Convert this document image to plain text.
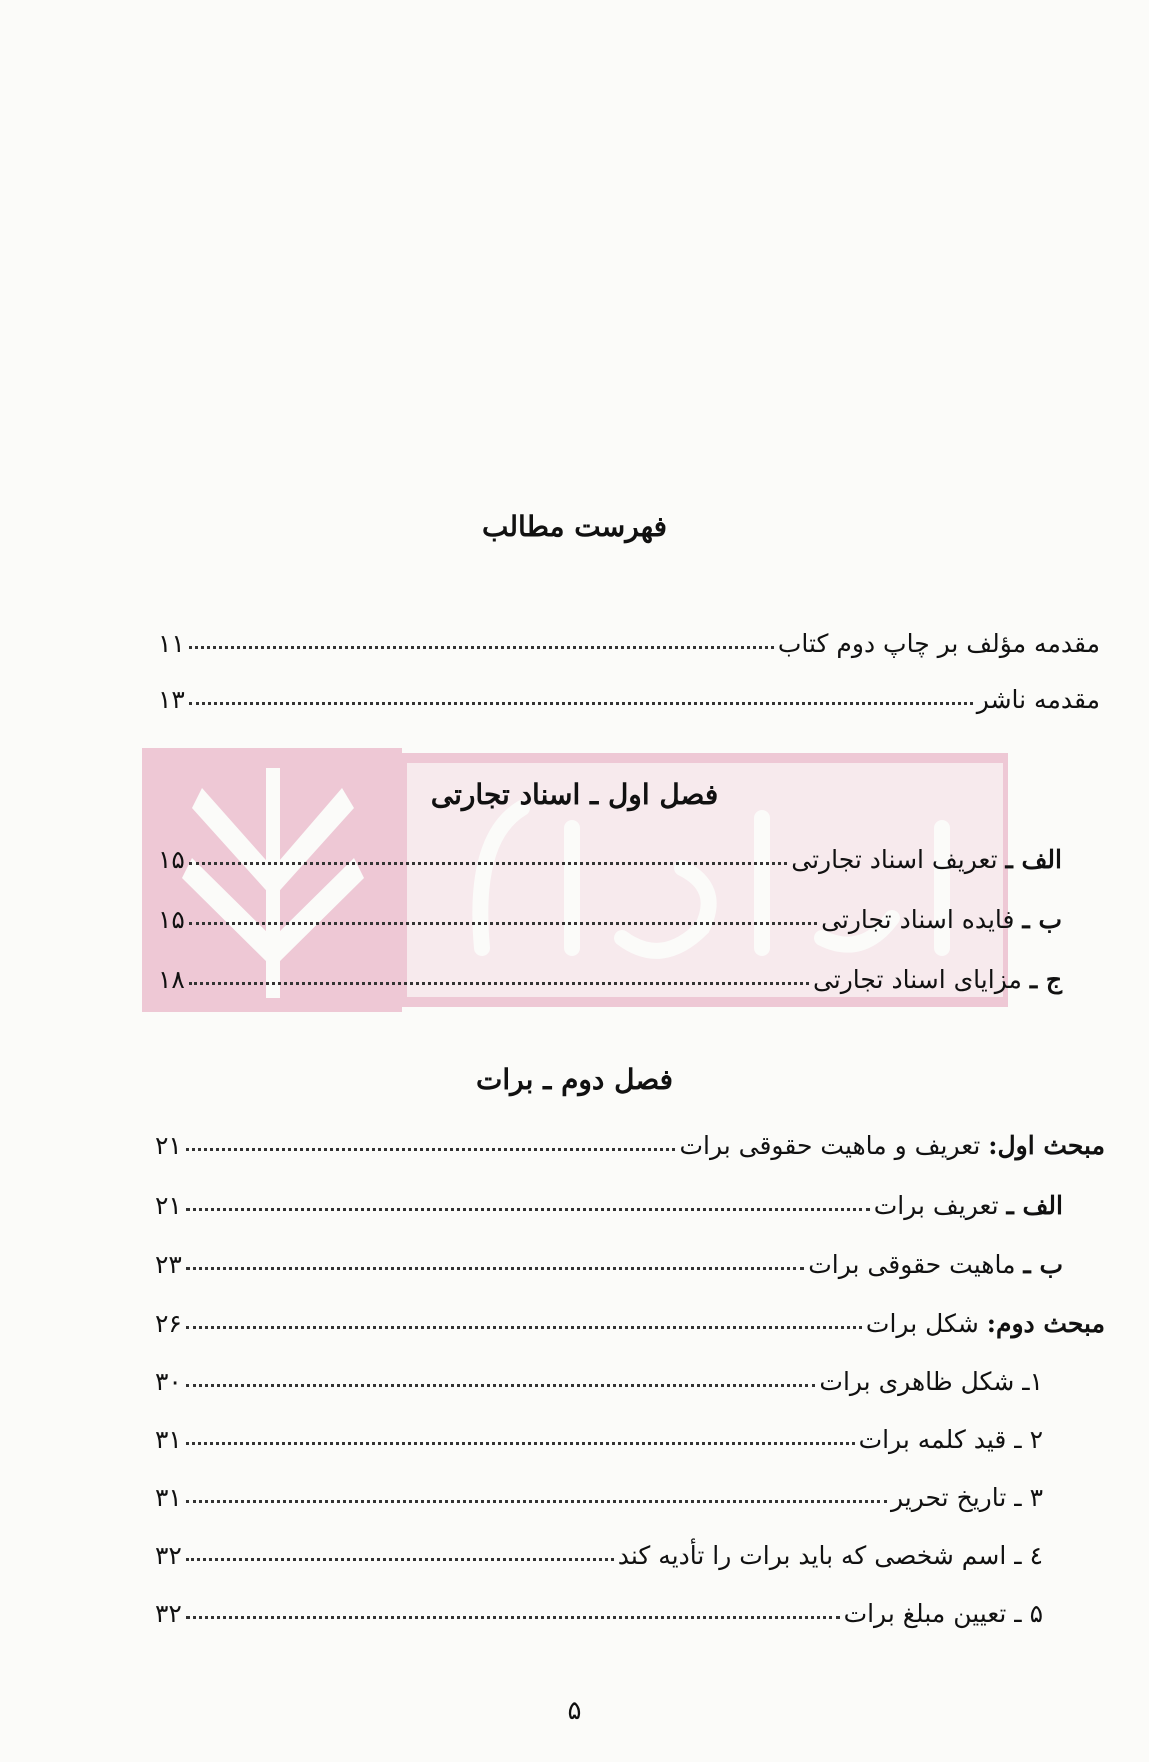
فهرست مطالب
مقدمه مؤلف بر چاپ دوم کتاب
۱۱
مقدمه ناشر
۱۳
فصل اول ـ اسناد تجارتی
الف ـ تعریف اسناد تجارتی
۱۵
ب ـ فایده اسناد تجارتی
۱۵
ج ـ مزایای اسناد تجارتی
۱۸
فصل دوم ـ برات
مبحث اول: تعریف و ماهیت حقوقی برات
۲۱
الف ـ تعریف برات
۲۱
ب ـ ماهیت حقوقی برات
۲۳
مبحث دوم: شکل برات
۲۶
۱ـ شکل ظاهری برات
۳۰
۲ ـ قید کلمه برات
۳۱
۳ ـ تاریخ تحریر
۳۱
٤ ـ اسم شخصی که باید برات را تأدیه کند
۳۲
۵ ـ تعیین مبلغ برات
۳۲
۵
